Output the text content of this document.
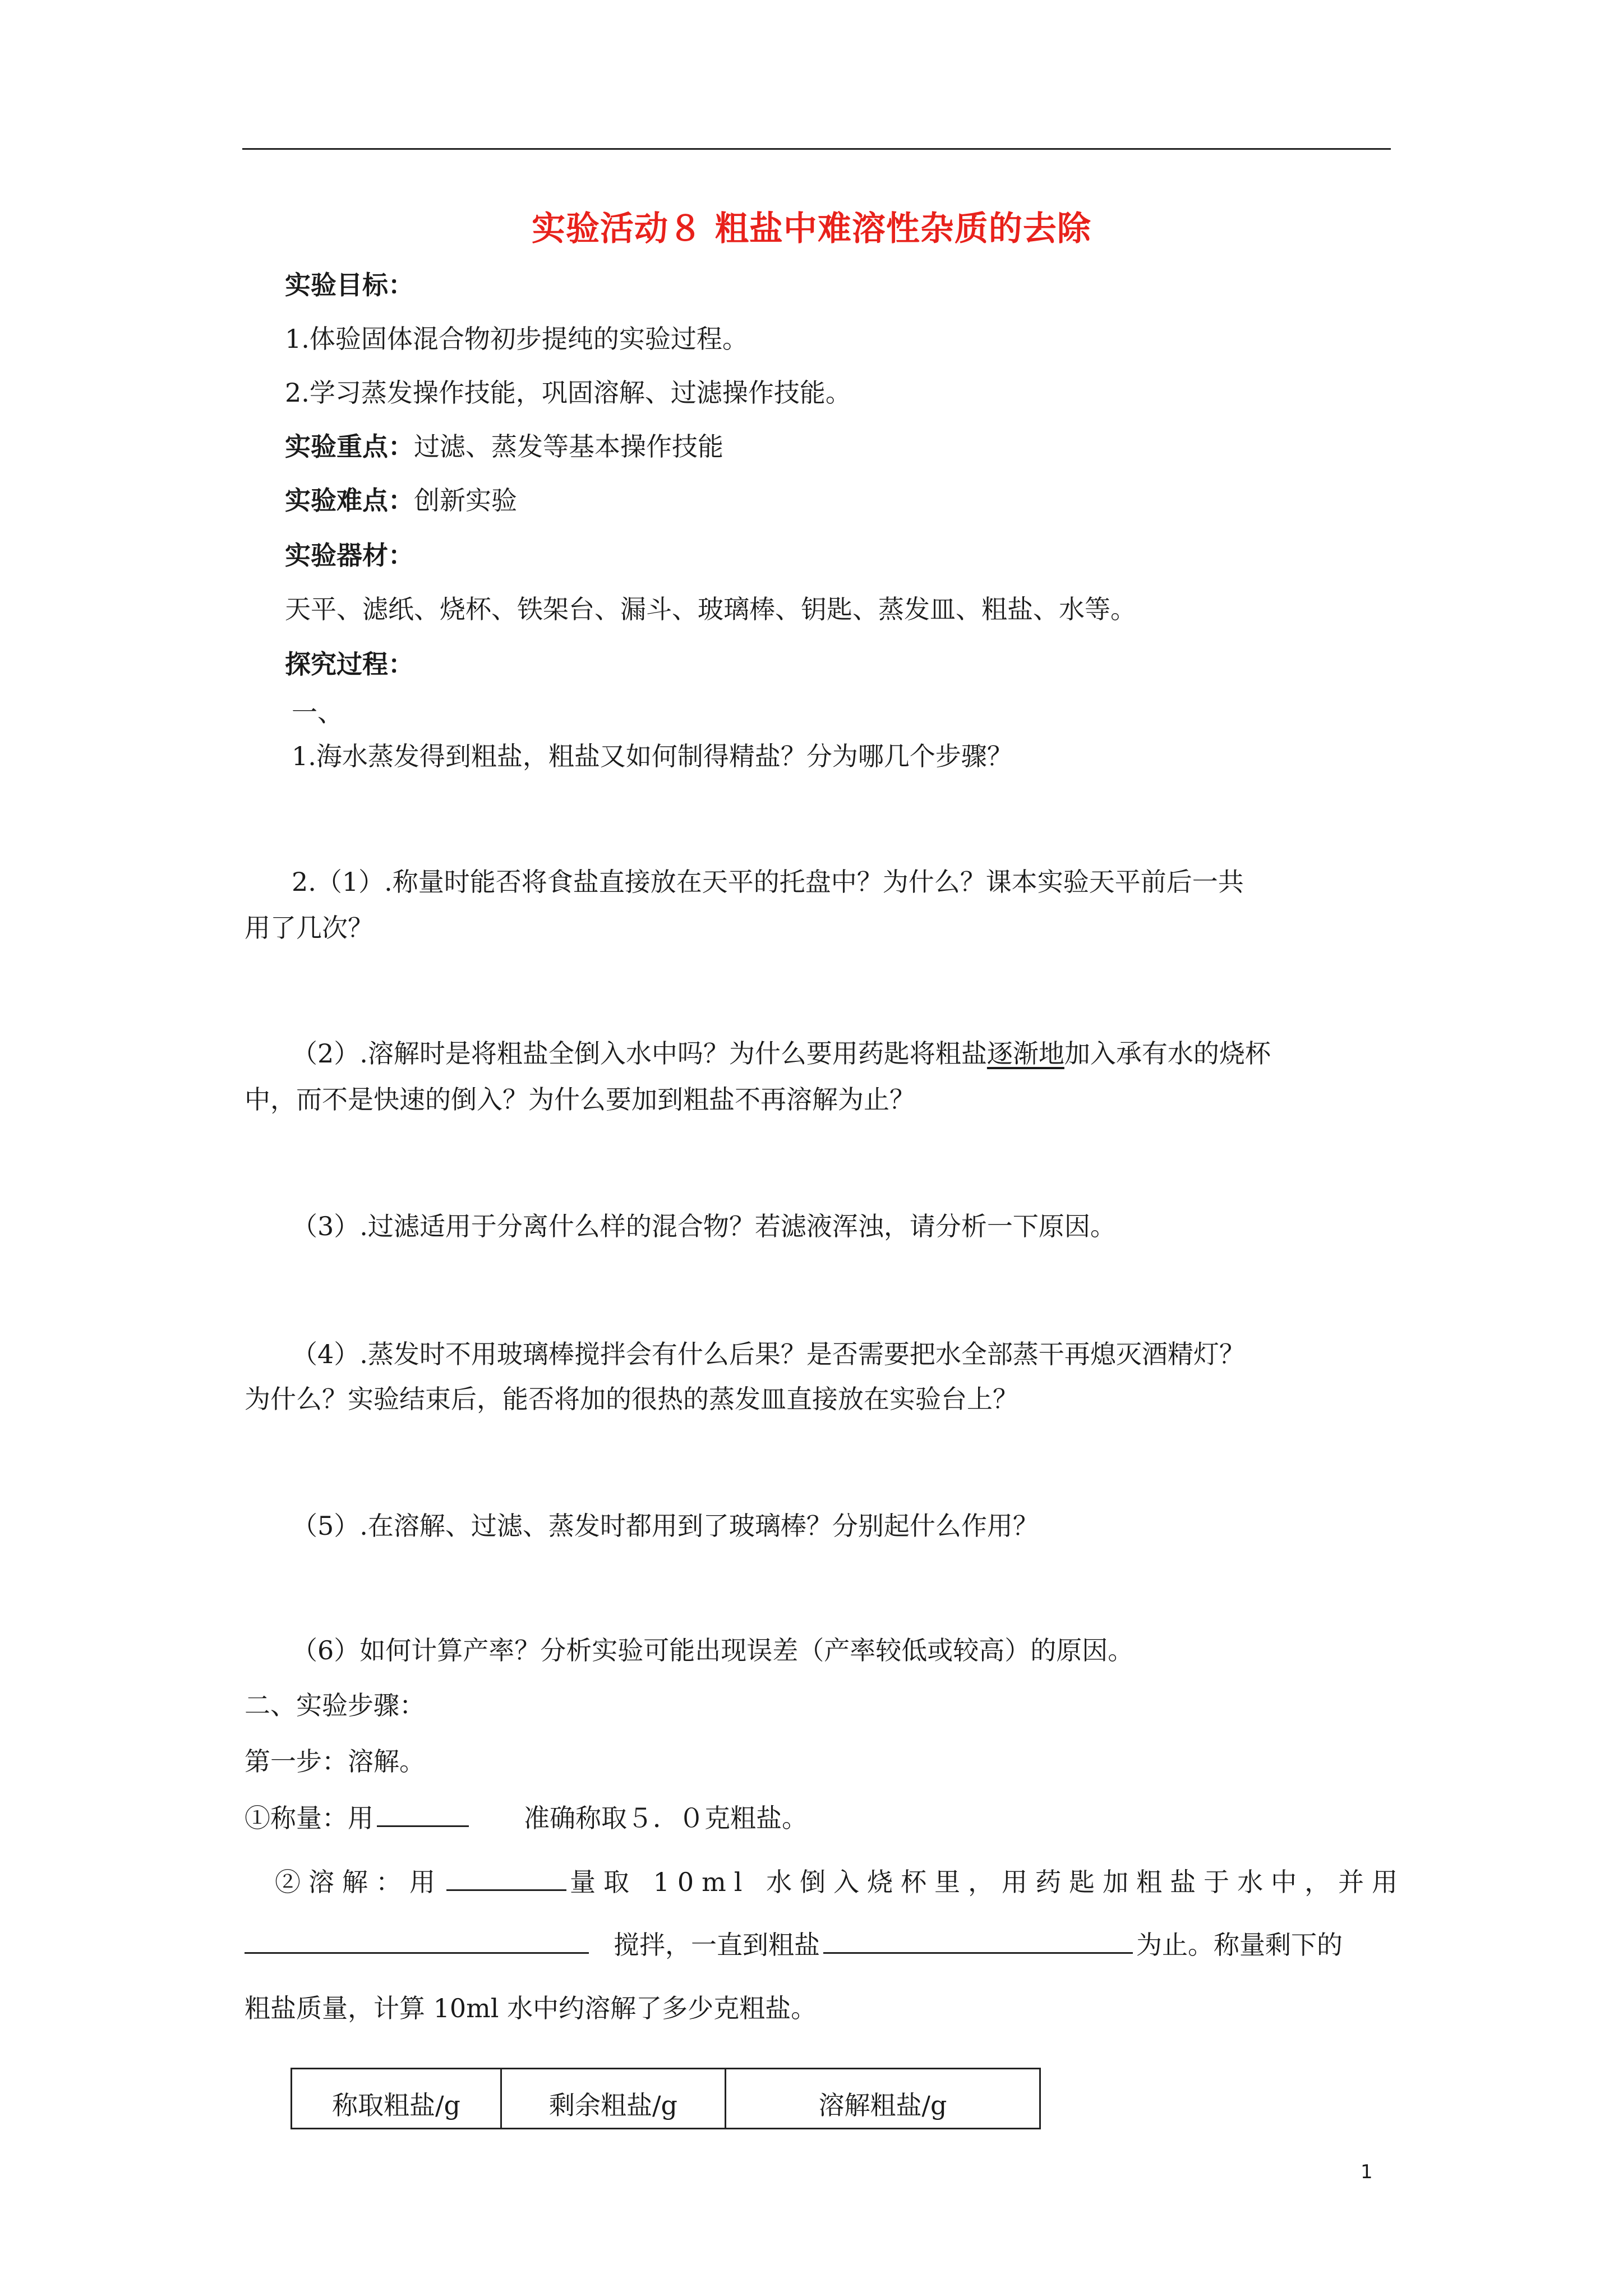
实验活动８ 粗盐中难溶性杂质的去除
实验目标：
1.体验固体混合物初步提纯的实验过程。
2.学习蒸发操作技能，巩固溶解、过滤操作技能。
实验重点：过滤、蒸发等基本操作技能
实验难点：创新实验
实验器材：
天平、滤纸、烧杯、铁架台、漏斗、玻璃棒、钥匙、蒸发皿、粗盐、水等。
探究过程：
一、
1.海水蒸发得到粗盐，粗盐又如何制得精盐？分为哪几个步骤？
2.（1）.称量时能否将食盐直接放在天平的托盘中？为什么？课本实验天平前后一共
用了几次？
（2）.溶解时是将粗盐全倒入水中吗？为什么要用药匙将粗盐逐渐地加入承有水的烧杯
中，而不是快速的倒入？为什么要加到粗盐不再溶解为止？
（3）.过滤适用于分离什么样的混合物？若滤液浑浊，请分析一下原因。
（4）.蒸发时不用玻璃棒搅拌会有什么后果？是否需要把水全部蒸干再熄灭酒精灯？
为什么？实验结束后，能否将加的很热的蒸发皿直接放在实验台上？
（5）.在溶解、过滤、蒸发时都用到了玻璃棒？分别起什么作用？
（6）如何计算产率？分析实验可能出现误差（产率较低或较高）的原因。
二、实验步骤：
第一步：溶解。
①称量：用	准确称取５．０克粗盐。
②溶解：用	量取 10ml 水倒入烧杯里，用药匙加粗盐于水中，并用
搅拌，一直到粗盐	为止。称量剩下的
粗盐质量，计算 10ml 水中约溶解了多少克粗盐。
称取粗盐/g	剩余粗盐/g	溶解粗盐/g
1
